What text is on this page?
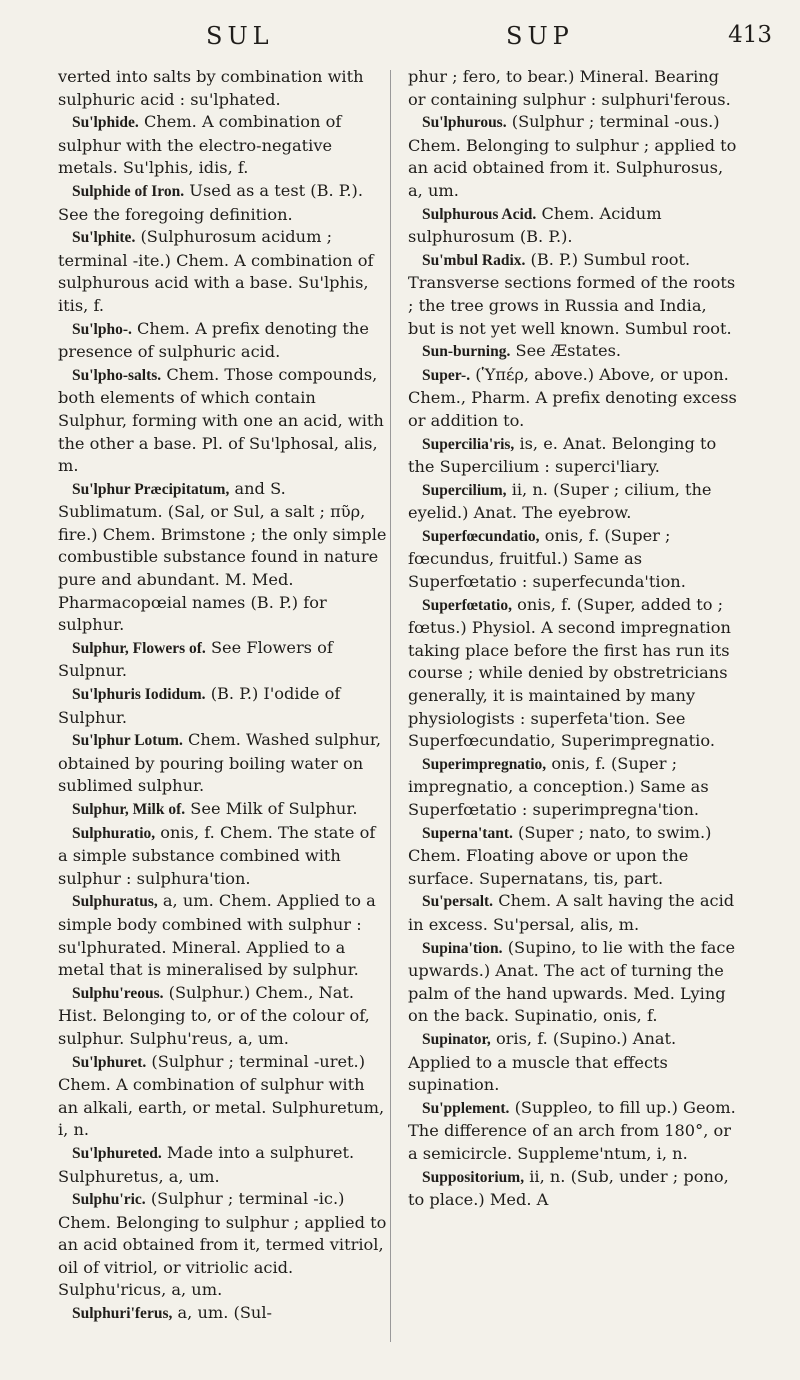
SUL	SUP	413

verted into salts by combination with sulphuric acid : su'lphated.

Su'lphide. Chem. A combination of sulphur with the electro-negative metals. Su'lphis, idis, f.

Sulphide of Iron. Used as a test (B. P.). See the foregoing definition.

Su'lphite. (Sulphurosum acidum ; terminal -ite.) Chem. A combination of sulphurous acid with a base. Su'lphis, itis, f.

Su'lpho-. Chem. A prefix denoting the presence of sulphuric acid.

Su'lpho-salts. Chem. Those compounds, both elements of which contain Sulphur, forming with one an acid, with the other a base. Pl. of Su'lphosal, alis, m.

Su'lphur Præcipitatum, and S. Sublimatum. (Sal, or Sul, a salt ; πῦρ, fire.) Chem. Brimstone ; the only simple combustible substance found in nature pure and abundant. M. Med. Pharmacopœial names (B. P.) for sulphur.

Sulphur, Flowers of. See Flowers of Sulpnur.

Su'lphuris Iodidum. (B. P.) I'odide of Sulphur.

Su'lphur Lotum. Chem. Washed sulphur, obtained by pouring boiling water on sublimed sulphur.

Sulphur, Milk of. See Milk of Sulphur.

Sulphuratio, onis, f. Chem. The state of a simple substance combined with sulphur : sulphura'tion.

Sulphuratus, a, um. Chem. Applied to a simple body combined with sulphur : su'lphurated. Mineral. Applied to a metal that is mineralised by sulphur.

Sulphu'reous. (Sulphur.) Chem., Nat. Hist. Belonging to, or of the colour of, sulphur. Sulphu'reus, a, um.

Su'lphuret. (Sulphur ; terminal -uret.) Chem. A combination of sulphur with an alkali, earth, or metal. Sulphuretum, i, n.

Su'lphureted. Made into a sulphuret. Sulphuretus, a, um.

Sulphu'ric. (Sulphur ; terminal -ic.) Chem. Belonging to sulphur ; applied to an acid obtained from it, termed vitriol, oil of vitriol, or vitriolic acid. Sulphu'ricus, a, um.

Sulphuri'ferus, a, um. (Sul-

phur ; fero, to bear.) Mineral. Bearing or containing sulphur : sulphuri'ferous.

Su'lphurous. (Sulphur ; terminal -ous.) Chem. Belonging to sulphur ; applied to an acid obtained from it. Sulphurosus, a, um.

Sulphurous Acid. Chem. Acidum sulphurosum (B. P.).

Su'mbul Radix. (B. P.) Sumbul root. Transverse sections formed of the roots ; the tree grows in Russia and India, but is not yet well known. Sumbul root.

Sun-burning. See Æstates.

Super-. (Ὑπέρ, above.) Above, or upon. Chem., Pharm. A prefix denoting excess or addition to.

Supercilia'ris, is, e. Anat. Belonging to the Supercilium : superci'liary.

Supercilium, ii, n. (Super ; cilium, the eyelid.) Anat. The eyebrow.

Superfœcundatio, onis, f. (Super ; fœcundus, fruitful.) Same as Superfœtatio : superfecunda'tion.

Superfœtatio, onis, f. (Super, added to ; fœtus.) Physiol. A second impregnation taking place before the first has run its course ; while denied by obstretricians generally, it is maintained by many physiologists : superfeta'tion. See Superfœcundatio, Superimpregnatio.

Superimpregnatio, onis, f. (Super ; impregnatio, a conception.) Same as Superfœtatio : superimpregna'tion.

Superna'tant. (Super ; nato, to swim.) Chem. Floating above or upon the surface. Supernatans, tis, part.

Su'persalt. Chem. A salt having the acid in excess. Su'persal, alis, m.

Supina'tion. (Supino, to lie with the face upwards.) Anat. The act of turning the palm of the hand upwards. Med. Lying on the back. Supinatio, onis, f.

Supinator, oris, f. (Supino.) Anat. Applied to a muscle that effects supination.

Su'pplement. (Suppleo, to fill up.) Geom. The difference of an arch from 180°, or a semicircle. Suppleme'ntum, i, n.

Suppositorium, ii, n. (Sub, under ; pono, to place.) Med. A
